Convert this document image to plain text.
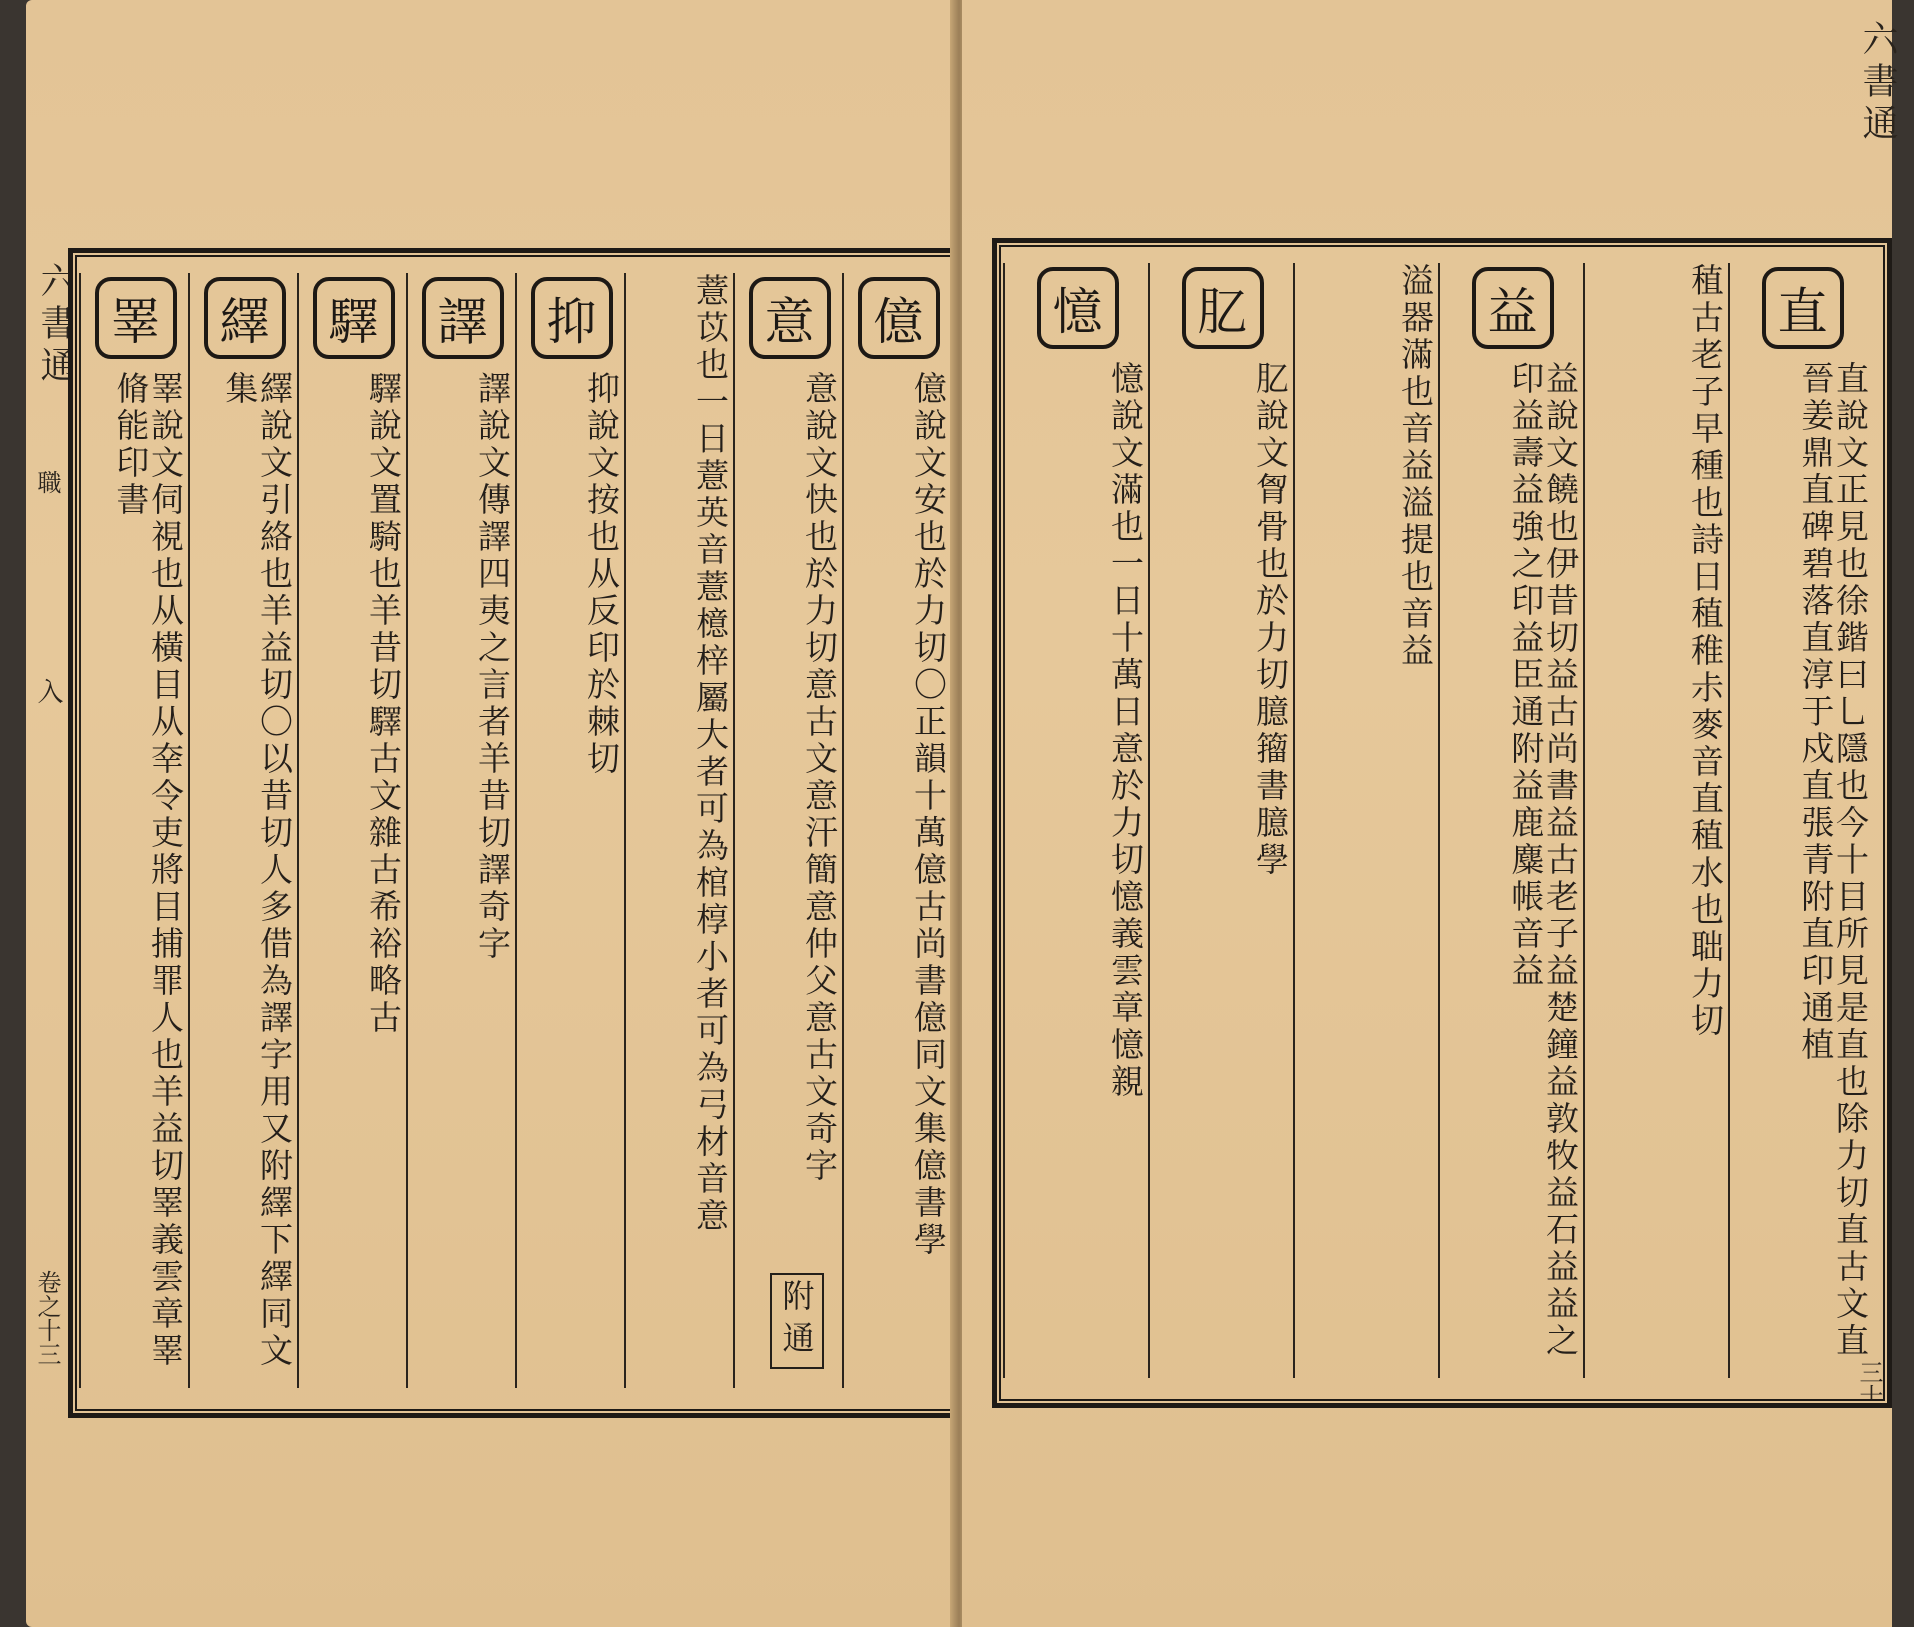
六書通
職
入
卷之十三
億
億說文安也於力切〇正韻十萬億古尚書億同文集億書學
意
意說文快也於力切意古文意汗簡意仲父意古文奇字
附通
薏苡也一日薏英音薏檍梓屬大者可為棺椁小者可為弓材音意
抑
抑說文按也从反印於棘切
譯
譯說文傳譯四夷之言者羊昔切譯奇字
驛
驛說文置騎也羊昔切驛古文雜古希裕略古
繹
繹說文引絡也羊益切〇以昔切人多借為譯字用又附繹下繹同文集
睪
睪說文伺視也从橫目从㚔令吏將目捕罪人也羊益切睪義雲章睪脩能印書
六書通
三十
直
直說文正見也徐鍇曰乚隱也今十目所見是直也除力切直古文直晉姜鼎直碑碧落直淳于戍直張青附直印通植
稙古老子早種也詩日稙稚尗麥音直稙水也聉力切
益
益說文饒也伊昔切益古尚書益古老子益楚鐘益敦牧益石益益之印益壽益強之印益臣通附益鹿麋帳音益
溢器滿也音益溢提也音益
肊
肊說文胷骨也於力切臆籀書臆學
憶
憶說文滿也一日十萬日意於力切憶義雲章憶親
